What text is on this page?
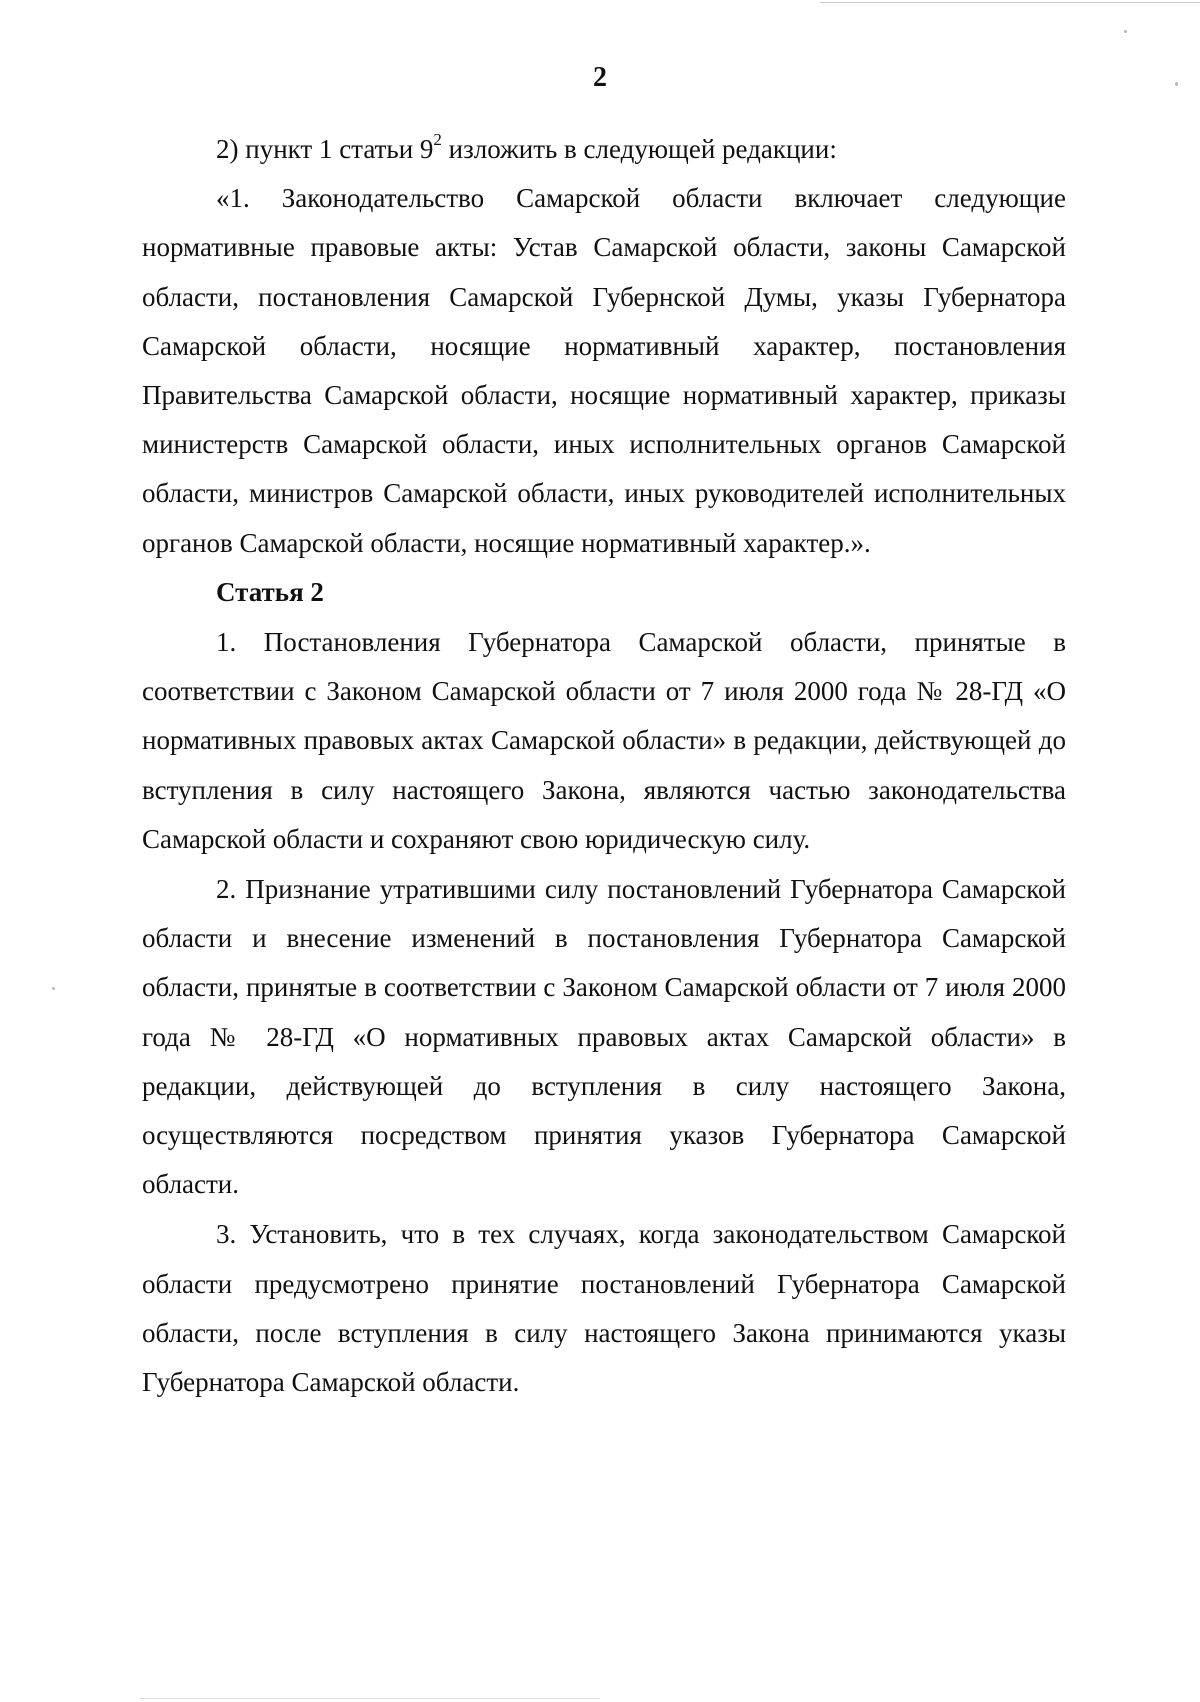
2

2) пункт 1 статьи $9^2$ изложить в следующей редакции:

«1. Законодательство Самарской области включает следующие нормативные правовые акты: Устав Самарской области, законы Самарской области, постановления Самарской Губернской Думы, указы Губернатора Самарской области, носящие нормативный характер, постановления Правительства Самарской области, носящие нормативный характер, приказы министерств Самарской области, иных исполнительных органов Самарской области, министров Самарской области, иных руководителей исполнительных органов Самарской области, носящие нормативный характер.».

Статья 2

1. Постановления Губернатора Самарской области, принятые в соответствии с Законом Самарской области от 7 июля 2000 года № 28-ГД «О нормативных правовых актах Самарской области» в редакции, действующей до вступления в силу настоящего Закона, являются частью законодательства Самарской области и сохраняют свою юридическую силу.

2. Признание утратившими силу постановлений Губернатора Самарской области и внесение изменений в постановления Губернатора Самарской области, принятые в соответствии с Законом Самарской области от 7 июля 2000 года № 28-ГД «О нормативных правовых актах Самарской области» в редакции, действующей до вступления в силу настоящего Закона, осуществляются посредством принятия указов Губернатора Самарской области.

3. Установить, что в тех случаях, когда законодательством Самарской области предусмотрено принятие постановлений Губернатора Самарской области, после вступления в силу настоящего Закона принимаются указы Губернатора Самарской области.
